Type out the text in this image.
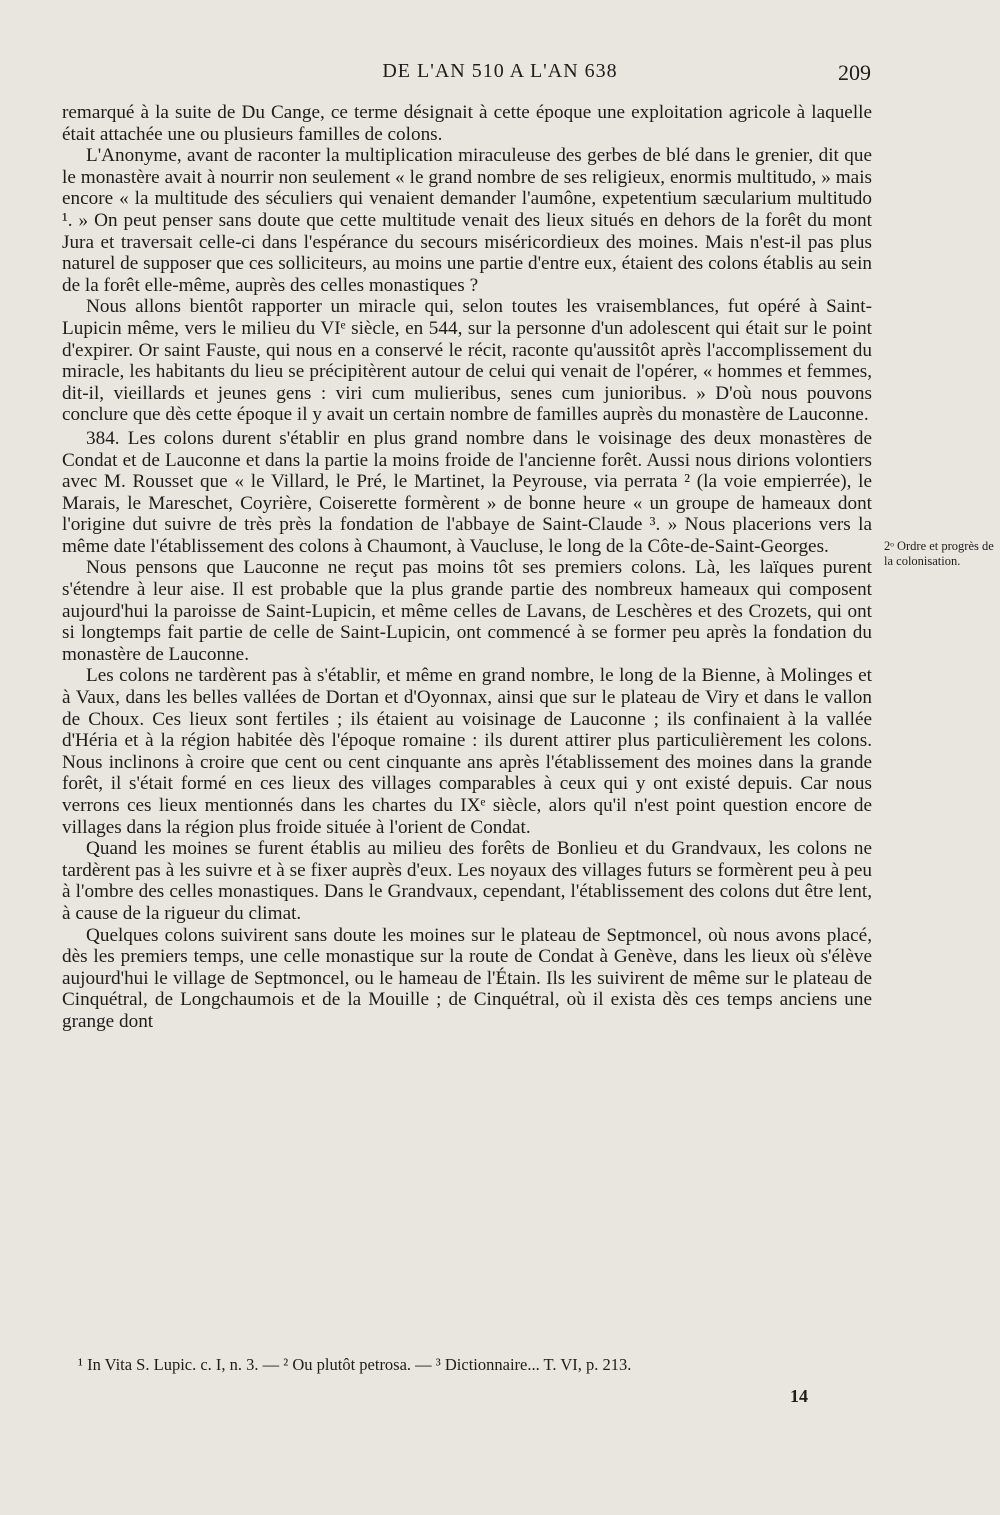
DE L'AN 510 A L'AN 638	209

remarqué à la suite de Du Cange, ce terme désignait à cette époque une exploitation agricole à laquelle était attachée une ou plusieurs familles de colons.

L'Anonyme, avant de raconter la multiplication miraculeuse des gerbes de blé dans le grenier, dit que le monastère avait à nourrir non seulement « le grand nombre de ses religieux, enormis multitudo, » mais encore « la multitude des séculiers qui venaient demander l'aumône, expetentium sæcularium multitudo ¹. » On peut penser sans doute que cette multitude venait des lieux situés en dehors de la forêt du mont Jura et traversait celle-ci dans l'espérance du secours miséricordieux des moines. Mais n'est-il pas plus naturel de supposer que ces solliciteurs, au moins une partie d'entre eux, étaient des colons établis au sein de la forêt elle-même, auprès des celles monastiques ?

Nous allons bientôt rapporter un miracle qui, selon toutes les vraisemblances, fut opéré à Saint-Lupicin même, vers le milieu du VIᵉ siècle, en 544, sur la personne d'un adolescent qui était sur le point d'expirer. Or saint Fauste, qui nous en a conservé le récit, raconte qu'aussitôt après l'accomplissement du miracle, les habitants du lieu se précipitèrent autour de celui qui venait de l'opérer, « hommes et femmes, dit-il, vieillards et jeunes gens : viri cum mulieribus, senes cum junioribus. » D'où nous pouvons conclure que dès cette époque il y avait un certain nombre de familles auprès du monastère de Lauconne.

384. Les colons durent s'établir en plus grand nombre dans le voisinage des deux monastères de Condat et de Lauconne et dans la partie la moins froide de l'ancienne forêt. Aussi nous dirions volontiers avec M. Rousset que « le Villard, le Pré, le Martinet, la Peyrouse, via perrata ² (la voie empierrée), le Marais, le Mareschet, Coyrière, Coiserette formèrent » de bonne heure « un groupe de hameaux dont l'origine dut suivre de très près la fondation de l'abbaye de Saint-Claude ³. » Nous placerions vers la même date l'établissement des colons à Chaumont, à Vaucluse, le long de la Côte-de-Saint-Georges.

Nous pensons que Lauconne ne reçut pas moins tôt ses premiers colons. Là, les laïques purent s'étendre à leur aise. Il est probable que la plus grande partie des nombreux hameaux qui composent aujourd'hui la paroisse de Saint-Lupicin, et même celles de Lavans, de Leschères et des Crozets, qui ont si longtemps fait partie de celle de Saint-Lupicin, ont commencé à se former peu après la fondation du monastère de Lauconne.

Les colons ne tardèrent pas à s'établir, et même en grand nombre, le long de la Bienne, à Molinges et à Vaux, dans les belles vallées de Dortan et d'Oyonnax, ainsi que sur le plateau de Viry et dans le vallon de Choux. Ces lieux sont fertiles ; ils étaient au voisinage de Lauconne ; ils confinaient à la vallée d'Héria et à la région habitée dès l'époque romaine : ils durent attirer plus particulièrement les colons. Nous inclinons à croire que cent ou cent cinquante ans après l'établissement des moines dans la grande forêt, il s'était formé en ces lieux des villages comparables à ceux qui y ont existé depuis. Car nous verrons ces lieux mentionnés dans les chartes du IXᵉ siècle, alors qu'il n'est point question encore de villages dans la région plus froide située à l'orient de Condat.

Quand les moines se furent établis au milieu des forêts de Bonlieu et du Grandvaux, les colons ne tardèrent pas à les suivre et à se fixer auprès d'eux. Les noyaux des villages futurs se formèrent peu à peu à l'ombre des celles monastiques. Dans le Grandvaux, cependant, l'établissement des colons dut être lent, à cause de la rigueur du climat.

Quelques colons suivirent sans doute les moines sur le plateau de Septmoncel, où nous avons placé, dès les premiers temps, une celle monastique sur la route de Condat à Genève, dans les lieux où s'élève aujourd'hui le village de Septmoncel, ou le hameau de l'Étain. Ils les suivirent de même sur le plateau de Cinquétral, de Longchaumois et de la Mouille ; de Cinquétral, où il exista dès ces temps anciens une grange dont

2ᵒ Ordre et progrès de la colonisation.
¹ In Vita S. Lupic. c. I, n. 3. — ² Ou plutôt petrosa. — ³ Dictionnaire... T. VI, p. 213.
14
